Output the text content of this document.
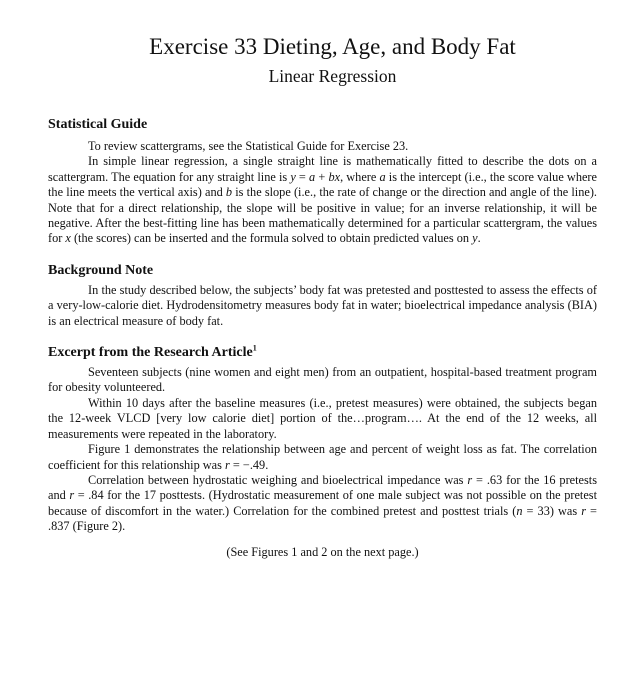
Exercise 33 Dieting, Age, and Body Fat
Linear Regression
Statistical Guide

To review scattergrams, see the Statistical Guide for Exercise 23.

In simple linear regression, a single straight line is mathematically fitted to describe the dots on a scattergram. The equation for any straight line is y = a + bx, where a is the intercept (i.e., the score value where the line meets the vertical axis) and b is the slope (i.e., the rate of change or the direction and angle of the line). Note that for a direct relationship, the slope will be positive in value; for an inverse relationship, it will be negative. After the best-fitting line has been mathematically determined for a particular scattergram, the values for x (the scores) can be inserted and the formula solved to obtain predicted values on y.

Background Note

In the study described below, the subjects’ body fat was pretested and posttested to assess the effects of a very-low-calorie diet. Hydrodensitometry measures body fat in water; bioelectrical impedance analysis (BIA) is an electrical measure of body fat.

Excerpt from the Research Article$^1$

Seventeen subjects (nine women and eight men) from an outpatient, hospital-based treatment program for obesity volunteered.

Within 10 days after the baseline measures (i.e., pretest measures) were obtained, the subjects began the 12-week VLCD [very low calorie diet] portion of the…program…. At the end of the 12 weeks, all measurements were repeated in the laboratory.

Figure 1 demonstrates the relationship between age and percent of weight loss as fat. The correlation coefficient for this relationship was r = −.49.

Correlation between hydrostatic weighing and bioelectrical impedance was r = .63 for the 16 pretests and r = .84 for the 17 posttests. (Hydrostatic measurement of one male subject was not possible on the pretest because of discomfort in the water.) Correlation for the combined pretest and posttest trials (n = 33) was r = .837 (Figure 2).

(See Figures 1 and 2 on the next page.)
